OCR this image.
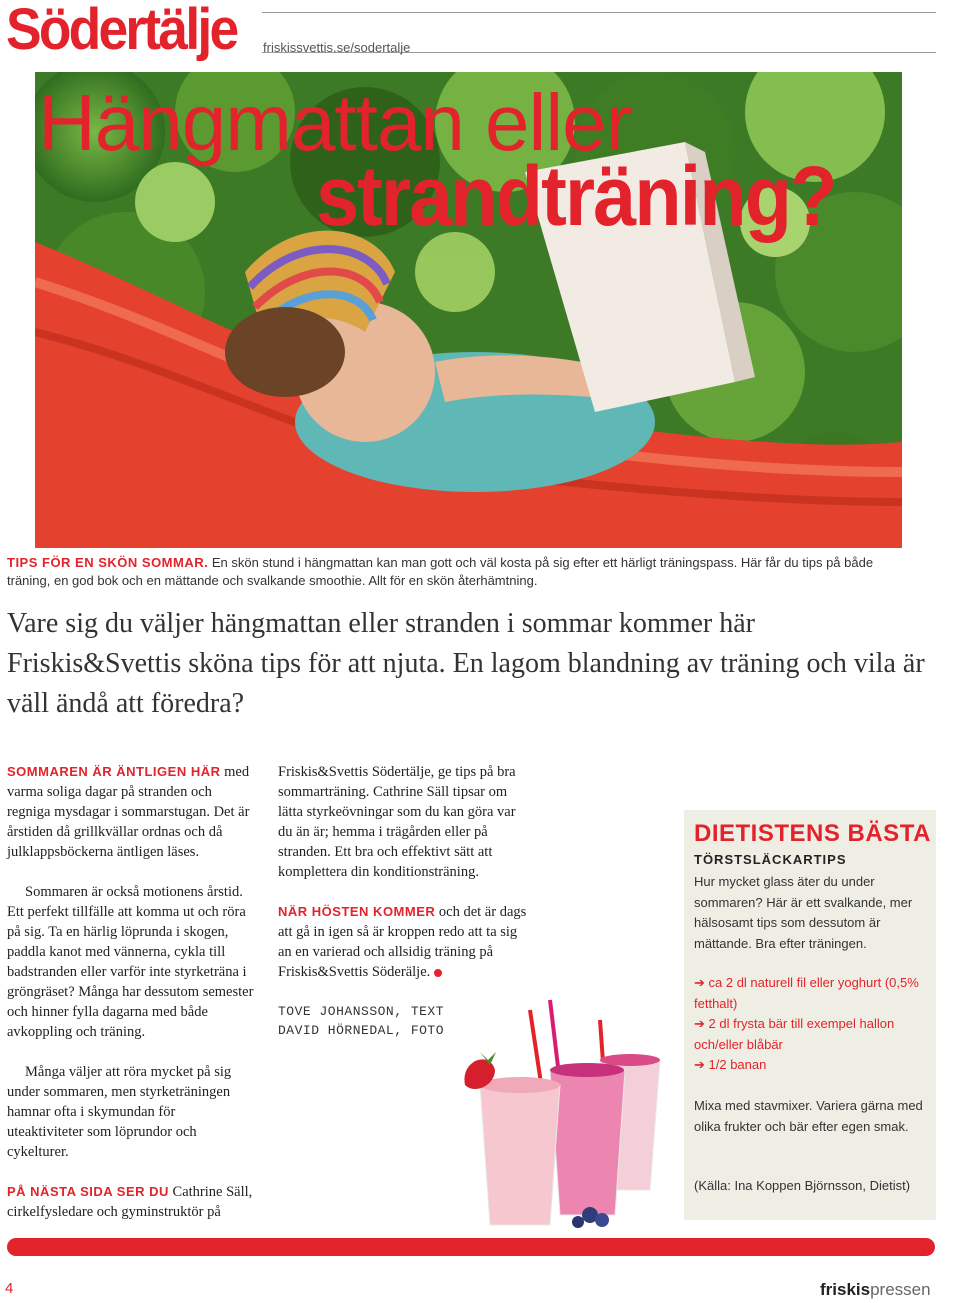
Södertälje friskissvettis.se/sodertalje
Hängmattan eller
strandträning?
TIPS FÖR EN SKÖN SOMMAR. En skön stund i hängmattan kan man gott och väl kosta på sig efter ett härligt träningspass. Här får du tips på både träning, en god bok och en mättande och svalkande smoothie. Allt för en skön återhämtning.
Vare sig du väljer hängmattan eller stranden i sommar kommer här Friskis&Svettis sköna tips för att njuta. En lagom blandning av träning och vila är väll ändå att föredra?

SOMMAREN ÄR ÄNTLIGEN HÄR med varma soliga dagar på stranden och regniga mysdagar i sommarstugan. Det är årstiden då grillkvällar ordnas och då julklappsböckerna äntligen läses.

Sommaren är också motionens årstid. Ett perfekt tillfälle att komma ut och röra på sig. Ta en härlig löprunda i skogen, paddla kanot med vännerna, cykla till badstranden eller varför inte styrketräna i gröngräset? Många har dessutom semester och hinner fylla dagarna med både avkoppling och träning.

Många väljer att röra mycket på sig under sommaren, men styrketräningen hamnar ofta i skymundan för uteaktiviteter som löprundor och cykelturer.

PÅ NÄSTA SIDA SER DU Cathrine Säll, cirkelfysledare och gyminstruktör på

Friskis&Svettis Södertälje, ge tips på bra sommarträning. Cathrine Säll tipsar om lätta styrkeövningar som du kan göra var du än är; hemma i trägården eller på stranden. Ett bra och effektivt sätt att komplettera din konditionsträning.

NÄR HÖSTEN KOMMER och det är dags att gå in igen så är kroppen redo att ta sig an en varierad och allsidig träning på Friskis&Svettis Söderälje.

TOVE JOHANSSON, TEXT
DAVID HÖRNEDAL, FOTO
DIETISTENS BÄSTA
TÖRSTSLÄCKARTIPS
Hur mycket glass äter du under sommaren? Här är ett svalkande, mer hälsosamt tips som dessutom är mättande. Bra efter träningen.
➔ ca 2 dl naturell fil eller yoghurt (0,5% fetthalt)
➔ 2 dl frysta bär till exempel hallon och/eller blåbär
➔ 1/2 banan
Mixa med stavmixer. Variera gärna med olika frukter och bär efter egen smak.
(Källa: Ina Koppen Björnsson, Dietist)
4	friskispressen
